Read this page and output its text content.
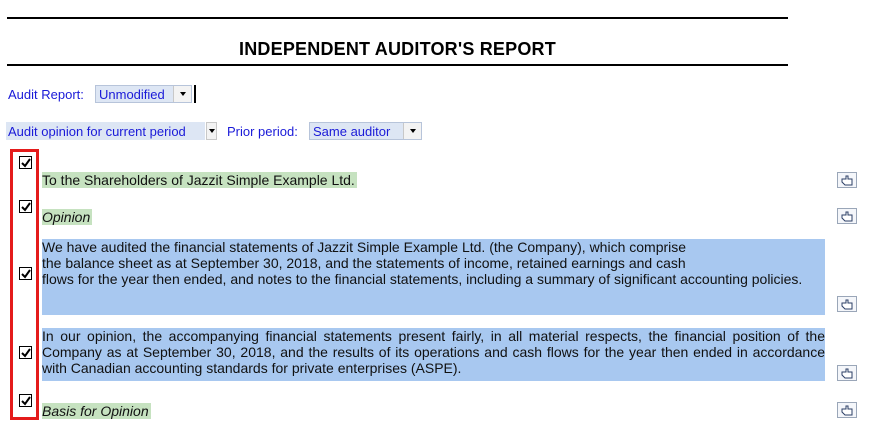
INDEPENDENT AUDITOR'S REPORT
Audit Report: Unmodified
Audit opinion for current period	Prior period: Same auditor
To the Shareholders of Jazzit Simple Example Ltd.
Opinion
We have audited the financial statements of Jazzit Simple Example Ltd. (the Company), which comprise
the balance sheet as at September 30, 2018, and the statements of income, retained earnings and cash
flows for the year then ended, and notes to the financial statements, including a summary of significant accounting policies.
In our opinion, the accompanying financial statements present fairly, in all material respects, the financial position of the Company as at September 30, 2018, and the results of its operations and cash flows for the year then ended in accordance with Canadian accounting standards for private enterprises (ASPE).
Basis for Opinion
